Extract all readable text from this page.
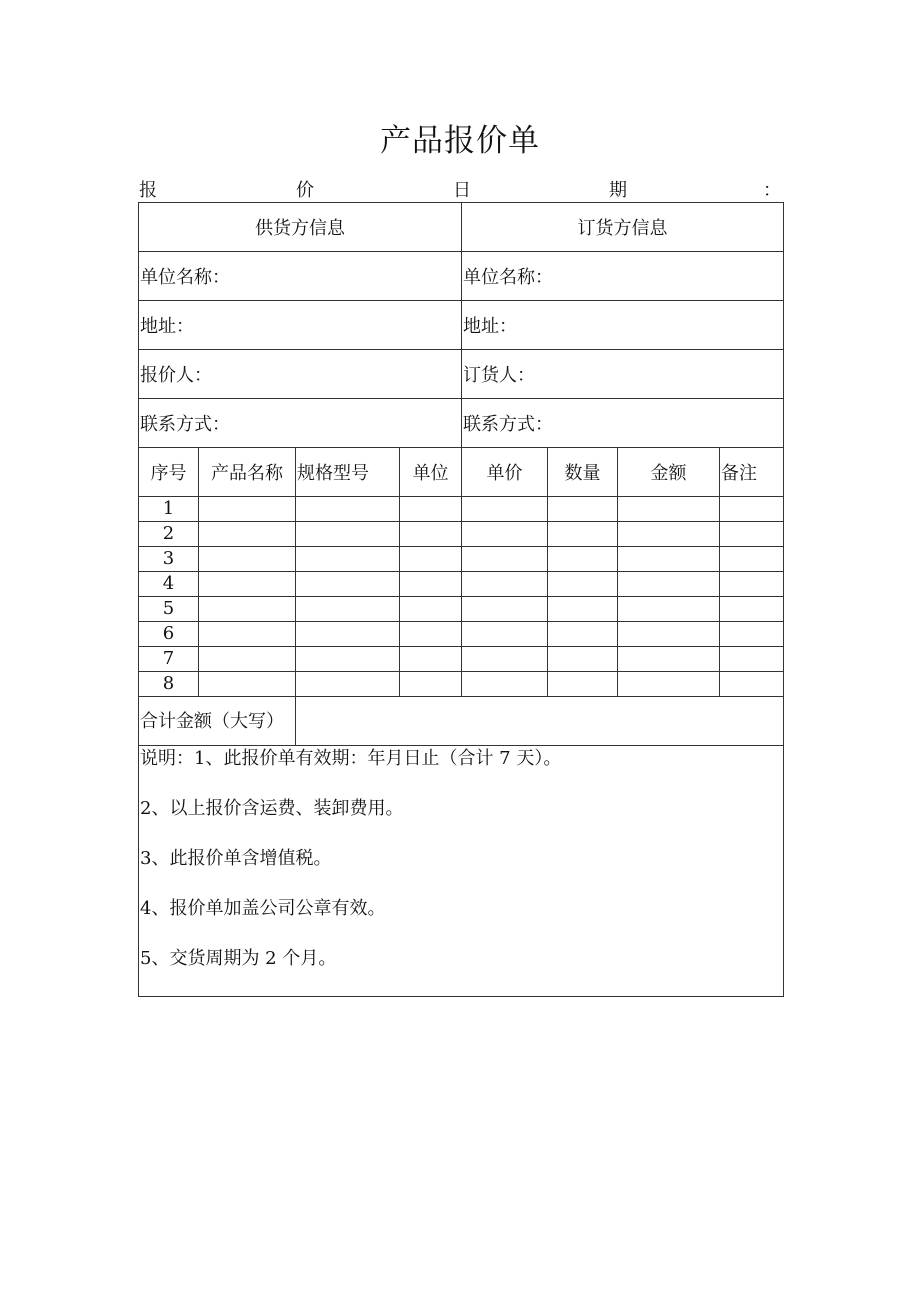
产品报价单
报	价	日	期	：
供货方信息				订货方信息			
单位名称：				单位名称：			
地址：				地址：			
报价人：				订货人：			
联系方式：				联系方式：			
序号	产品名称	规格型号	单位	单价	数量	金额	备注
1							
2							
3							
4							
5							
6							
7							
8							
合计金额（大写）							

说明：1、此报价单有效期：年月日止（合计 7 天）。
2、以上报价含运费、装卸费用。
3、此报价单含增值税。
4、报价单加盖公司公章有效。
5、交货周期为 2 个月。							
